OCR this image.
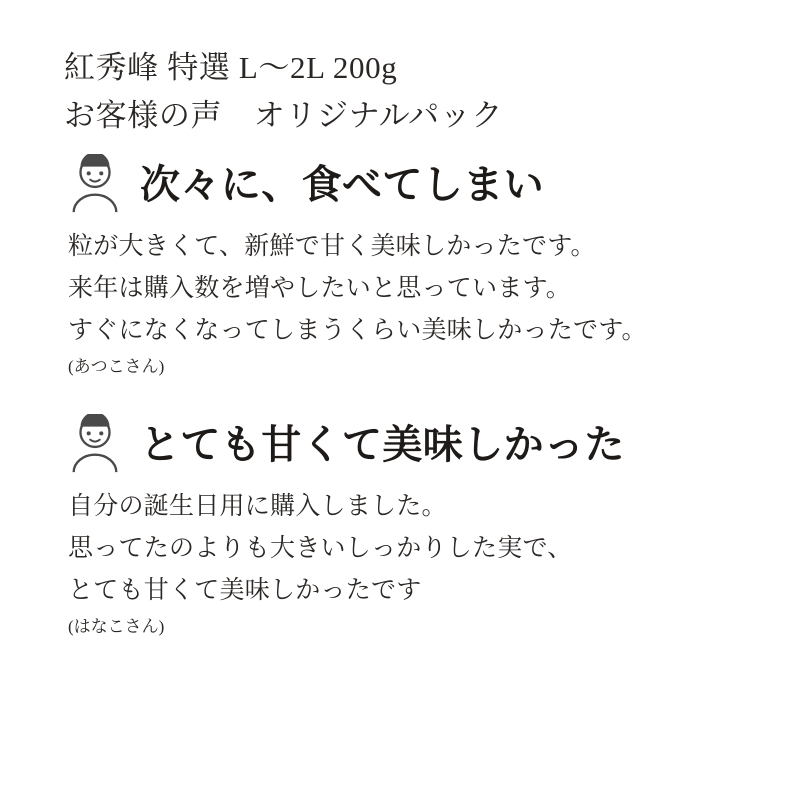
紅秀峰 特選 L〜2L 200g
お客様の声　オリジナルパック
次々に、食べてしまい
粒が大きくて、新鮮で甘く美味しかったです。
来年は購入数を増やしたいと思っています。
すぐになくなってしまうくらい美味しかったです。
(あつこさん)
とても甘くて美味しかった
自分の誕生日用に購入しました。
思ってたのよりも大きいしっかりした実で、
とても甘くて美味しかったです
(はなこさん)
